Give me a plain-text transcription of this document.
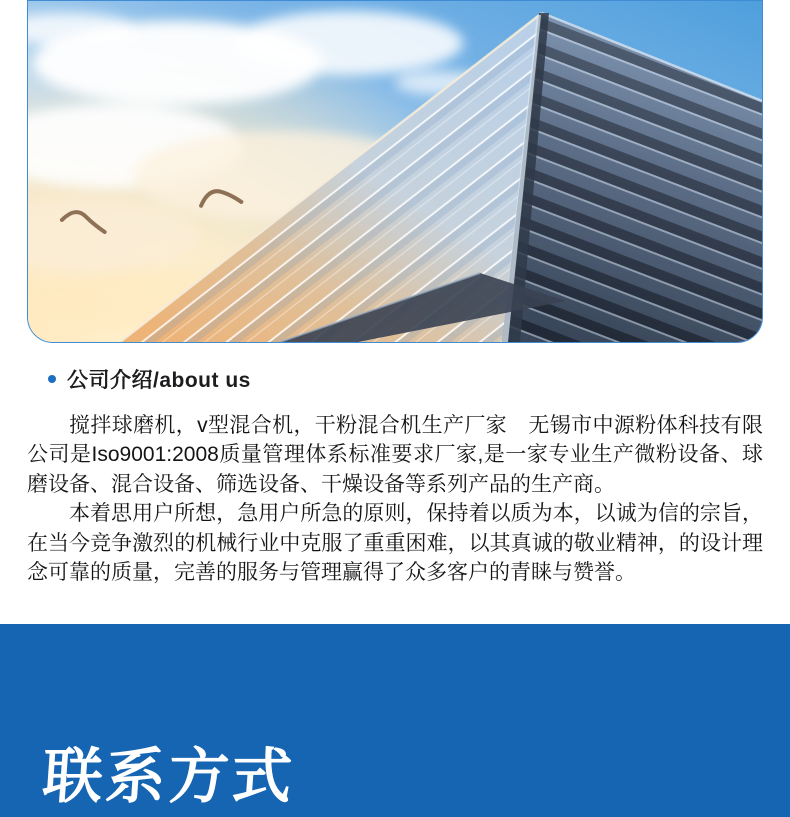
公司介绍/about us

搅拌球磨机，v型混合机，干粉混合机生产厂家　无锡市中源粉体科技有限公司是Iso9001:2008质量管理体系标准要求厂家,是一家专业生产微粉设备、球磨设备、混合设备、筛选设备、干燥设备等系列产品的生产商。

本着思用户所想，急用户所急的原则，保持着以质为本，以诚为信的宗旨，在当今竞争激烈的机械行业中克服了重重困难，以其真诚的敬业精神，的设计理念可靠的质量，完善的服务与管理赢得了众多客户的青睐与赞誉。

联系方式
